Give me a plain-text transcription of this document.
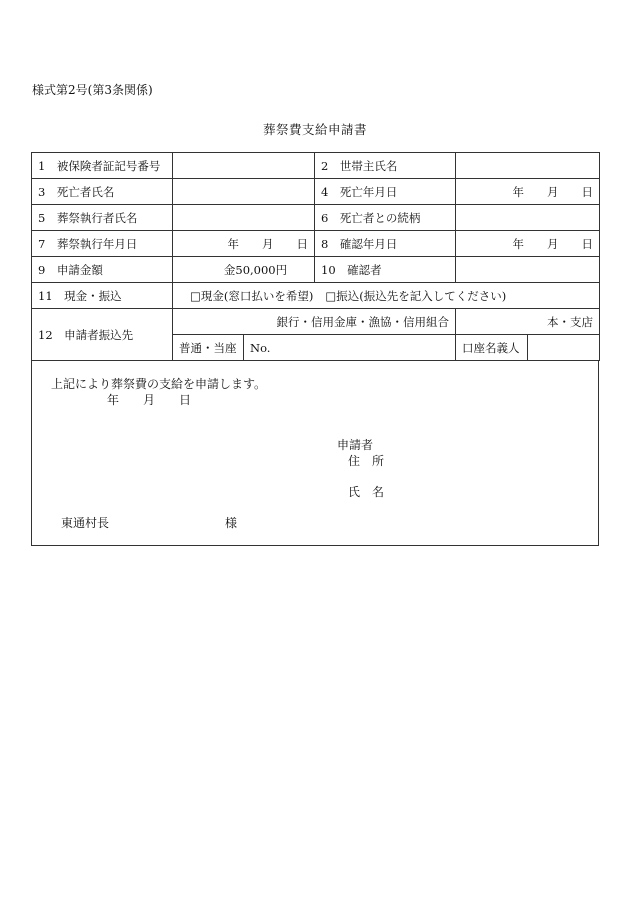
様式第2号(第3条関係)
葬祭費支給申請書
1　被保険者証記号番号			2　世帯主氏名		
3　死亡者氏名			4　死亡年月日	年　　月　　日	
5　葬祭執行者氏名			6　死亡者との続柄		
7　葬祭執行年月日	年　　月　　日		8　確認年月日	年　　月　　日	
9　申請金額	金50,000円		10　確認者		
11　現金・振込	□現金(窓口払いを希望) □振込(振込先を記入してください)				
12　申請者振込先	銀行・信用金庫・漁協・信用組合			本・支店	
	普通・当座	No.		口座名義人	
上記により葬祭費の支給を申請します。
年　　月　　日
申請者
住　所
氏　名
東通村長	様
